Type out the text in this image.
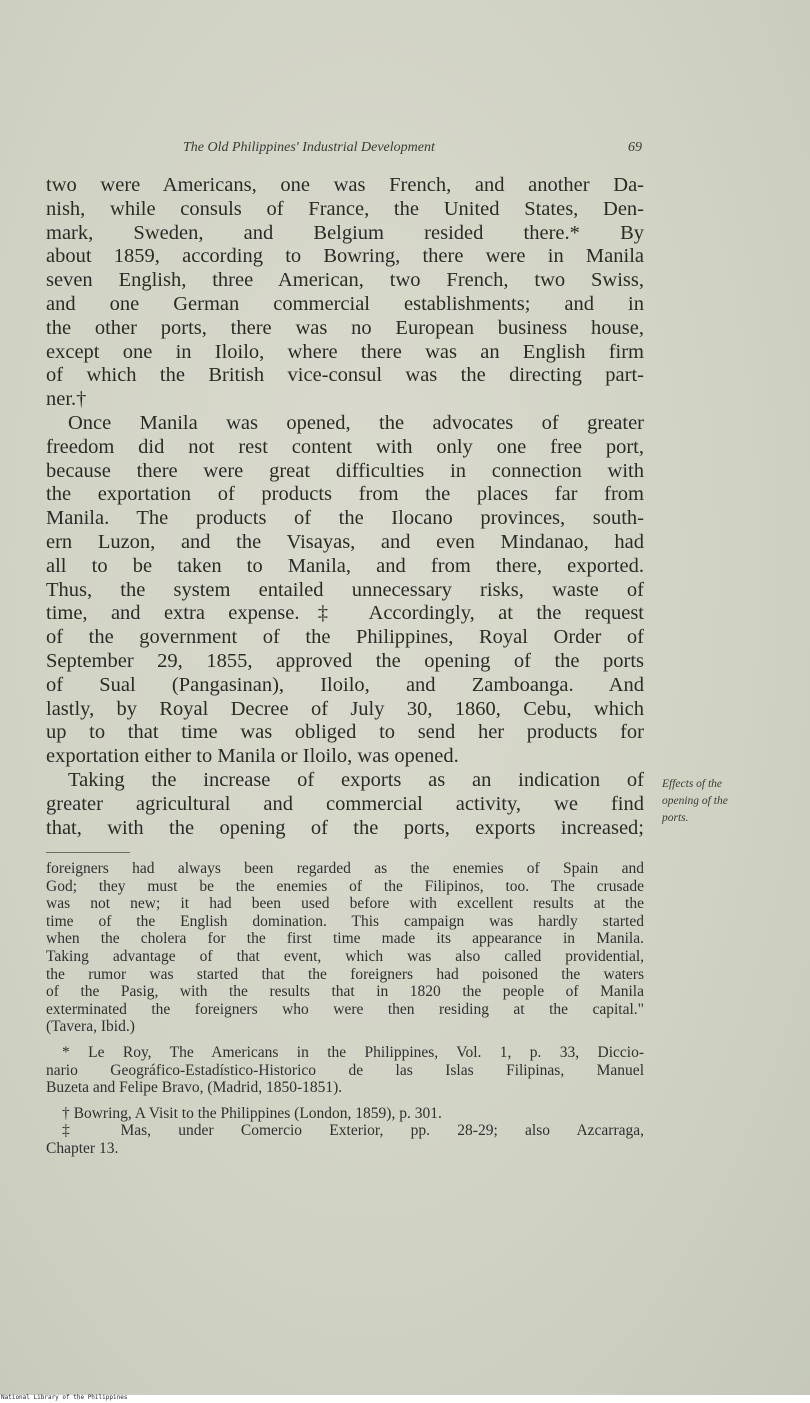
The Old Philippines' Industrial Development	69
two were Americans, one was French, and another Da-
nish, while consuls of France, the United States, Den-
mark, Sweden, and Belgium resided there.* By
about 1859, according to Bowring, there were in Manila
seven English, three American, two French, two Swiss,
and one German commercial establishments; and in
the other ports, there was no European business house,
except one in Iloilo, where there was an English firm
of which the British vice-consul was the directing part-
ner.†
Once Manila was opened, the advocates of greater
freedom did not rest content with only one free port,
because there were great difficulties in connection with
the exportation of products from the places far from
Manila. The products of the Ilocano provinces, south-
ern Luzon, and the Visayas, and even Mindanao, had
all to be taken to Manila, and from there, exported.
Thus, the system entailed unnecessary risks, waste of
time, and extra expense.‡ Accordingly, at the request
of the government of the Philippines, Royal Order of
September 29, 1855, approved the opening of the ports
of Sual (Pangasinan), Iloilo, and Zamboanga. And
lastly, by Royal Decree of July 30, 1860, Cebu, which
up to that time was obliged to send her products for
exportation either to Manila or Iloilo, was opened.
Taking the increase of exports as an indication of
greater agricultural and commercial activity, we find
that, with the opening of the ports, exports increased;
Effects of the
opening of the
ports.
foreigners had always been regarded as the enemies of Spain and
God; they must be the enemies of the Filipinos, too. The crusade
was not new; it had been used before with excellent results at the
time of the English domination. This campaign was hardly started
when the cholera for the first time made its appearance in Manila.
Taking advantage of that event, which was also called providential,
the rumor was started that the foreigners had poisoned the waters
of the Pasig, with the results that in 1820 the people of Manila
exterminated the foreigners who were then residing at the capital."
(Tavera, Ibid.)
* Le Roy, The Americans in the Philippines, Vol. 1, p. 33, Diccio-
nario Geográfico-Estadístico-Historico de las Islas Filipinas, Manuel
Buzeta and Felipe Bravo, (Madrid, 1850-1851).
† Bowring, A Visit to the Philippines (London, 1859), p. 301.
‡ Mas, under Comercio Exterior, pp. 28-29; also Azcarraga,
Chapter 13.
National Library of the Philippines
